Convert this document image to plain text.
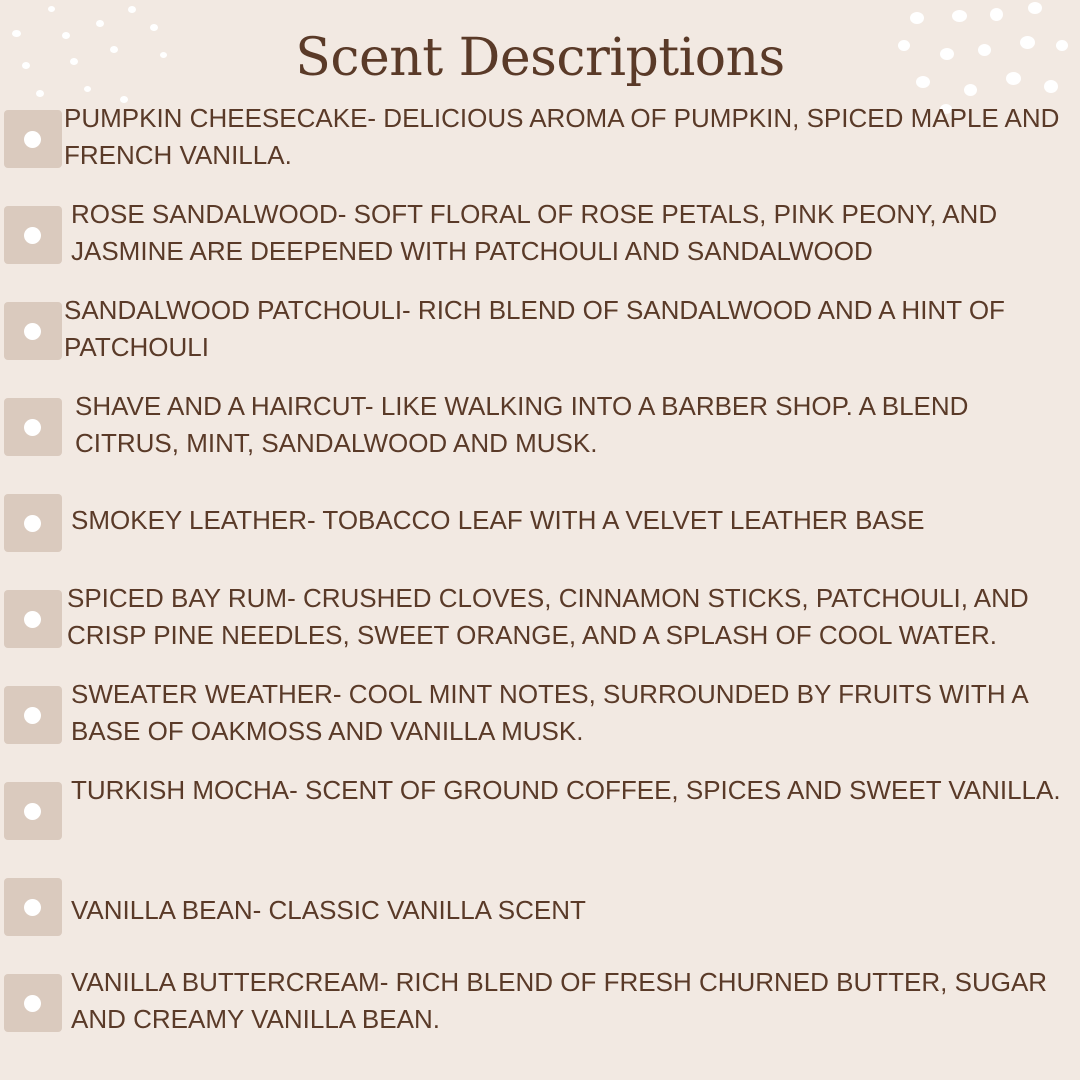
Scent Descriptions
PUMPKIN CHEESECAKE- DELICIOUS AROMA OF PUMPKIN, SPICED MAPLE AND FRENCH VANILLA.
ROSE SANDALWOOD- SOFT FLORAL OF ROSE PETALS, PINK PEONY, AND JASMINE ARE DEEPENED WITH PATCHOULI AND SANDALWOOD
SANDALWOOD PATCHOULI- RICH BLEND OF SANDALWOOD AND A HINT OF PATCHOULI
SHAVE AND A HAIRCUT- LIKE WALKING INTO A BARBER SHOP. A BLEND CITRUS, MINT, SANDALWOOD AND MUSK.
SMOKEY LEATHER- TOBACCO LEAF WITH A VELVET LEATHER BASE
SPICED BAY RUM- CRUSHED CLOVES, CINNAMON STICKS, PATCHOULI, AND CRISP PINE NEEDLES, SWEET ORANGE, AND A SPLASH OF COOL WATER.
SWEATER WEATHER- COOL MINT NOTES, SURROUNDED BY FRUITS WITH A BASE OF OAKMOSS AND VANILLA MUSK.
TURKISH MOCHA- SCENT OF GROUND COFFEE, SPICES AND SWEET VANILLA.
VANILLA BEAN- CLASSIC VANILLA SCENT
VANILLA BUTTERCREAM- RICH BLEND OF FRESH CHURNED BUTTER, SUGAR AND CREAMY VANILLA BEAN.
